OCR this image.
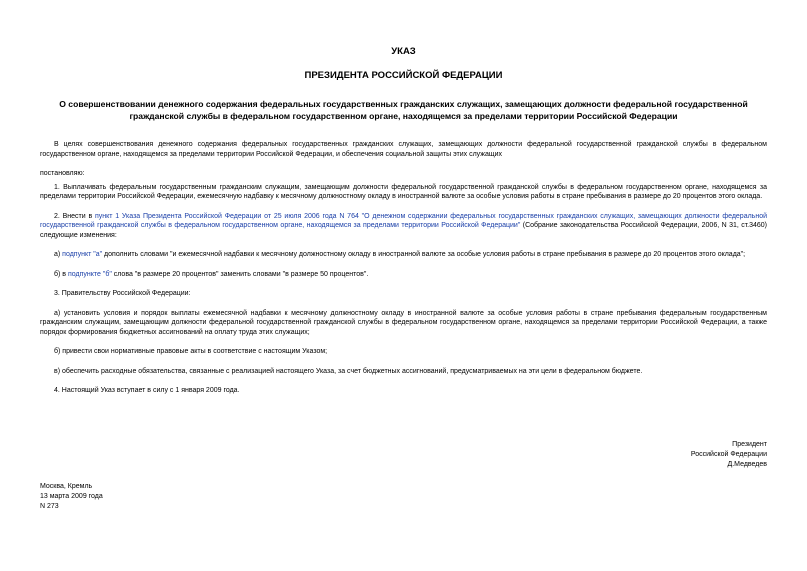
УКАЗ
ПРЕЗИДЕНТА РОССИЙСКОЙ ФЕДЕРАЦИИ
О совершенствовании денежного содержания федеральных государственных гражданских служащих, замещающих должности федеральной государственной гражданской службы в федеральном государственном органе, находящемся за пределами территории Российской Федерации

В целях совершенствования денежного содержания федеральных государственных гражданских служащих, замещающих должности федеральной государственной гражданской службы в федеральном государственном органе, находящемся за пределами территории Российской Федерации, и обеспечения социальной защиты этих служащих

постановляю:

1. Выплачивать федеральным государственным гражданским служащим, замещающим должности федеральной государственной гражданской службы в федеральном государственном органе, находящемся за пределами территории Российской Федерации, ежемесячную надбавку к месячному должностному окладу в иностранной валюте за особые условия работы в стране пребывания в размере до 20 процентов этого оклада.

2. Внести в пункт 1 Указа Президента Российской Федерации от 25 июля 2006 года N 764 "О денежном содержании федеральных государственных гражданских служащих, замещающих должности федеральной государственной гражданской службы в федеральном государственном органе, находящемся за пределами территории Российской Федерации" (Собрание законодательства Российской Федерации, 2006, N 31, ст.3460) следующие изменения:

а) подпункт "а" дополнить словами "и ежемесячной надбавки к месячному должностному окладу в иностранной валюте за особые условия работы в стране пребывания в размере до 20 процентов этого оклада";

б) в подпункте "б" слова "в размере 20 процентов" заменить словами "в размере 50 процентов".

3. Правительству Российской Федерации:

а) установить условия и порядок выплаты ежемесячной надбавки к месячному должностному окладу в иностранной валюте за особые условия работы в стране пребывания федеральным государственным гражданским служащим, замещающим должности федеральной государственной гражданской службы в федеральном государственном органе, находящемся за пределами территории Российской Федерации, а также порядок формирования бюджетных ассигнований на оплату труда этих служащих;

б) привести свои нормативные правовые акты в соответствие с настоящим Указом;

в) обеспечить расходные обязательства, связанные с реализацией настоящего Указа, за счет бюджетных ассигнований, предусматриваемых на эти цели в федеральном бюджете.

4. Настоящий Указ вступает в силу с 1 января 2009 года.

Президент
Российской Федерации
Д.Медведев
Москва, Кремль
13 марта 2009 года
N 273
